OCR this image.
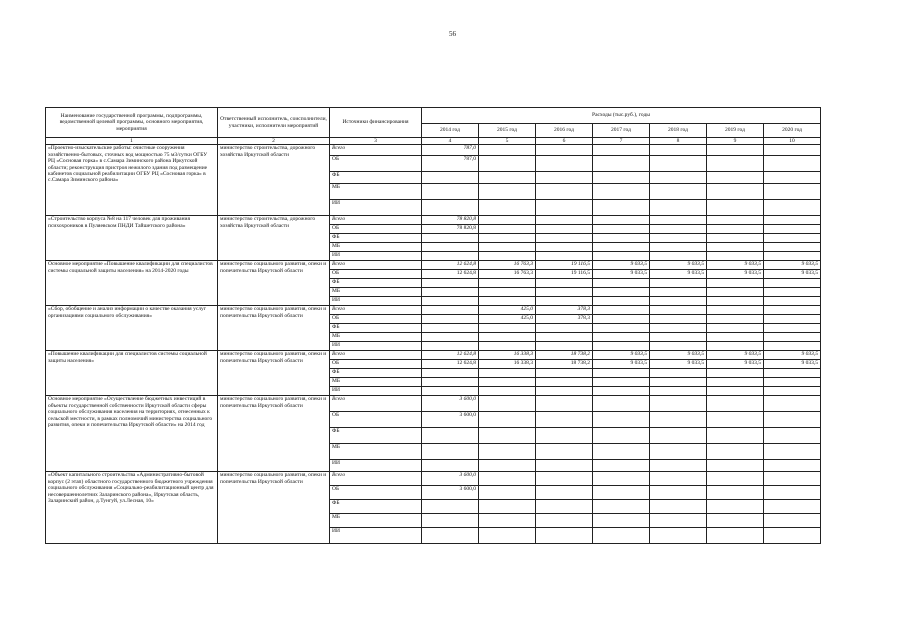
56
Наименование государственной программы, подпрограммы, ведомственной целевой программы, основного мероприятия, мероприятия	Ответственный исполнитель, соисполнители, участники, исполнители мероприятий	Источники финансирования	Расходы (тыс.руб.), годы						
			2014 год	2015 год	2016 год	2017 год	2018 год	2019 год	2020 год
1	2	3	4	5	6	7	8	9	10
«Проектно-изыскательские работы: очистные сооружения хозяйственно-бытовых, сточных вод мощностью 75 м3/сутки ОГБУ РЦ «Сосновая горка» в с.Самара Зиминского района Иркутской области; реконструкция пристроя нежилого здания под размещение кабинетов социальной реабилитации ОГБУ РЦ «Сосновая горка» в с.Самара Зиминского района»	министерство строительства, дорожного хозяйства Иркутской области	Всего	787,0						
		ОБ	787,0						
		ФБ							
		МБ							
		ИИ							
«Строительство корпуса №8 на 117 человек для проживания психохроников в Пуляевском ПНДИ Тайшетского района»	министерство строительства, дорожного хозяйства Иркутской области	Всего	78 820,8						
		ОБ	78 820,8						
		ФБ							
		МБ							
		ИИ							
Основное мероприятие «Повышение квалификации для специалистов системы социальной защиты населения» на 2014-2020 годы	министерство социального развития, опеки и попечительства Иркутской области	Всего	12 624,8	16 763,3	19 116,5	9 033,5	9 033,5	9 033,5	9 033,5
		ОБ	12 624,8	16 763,3	19 116,5	9 033,5	9 033,5	9 033,5	9 033,5
		ФБ							
		МБ							
		ИИ							
«Сбор, обобщение и анализ информации о качестве оказания услуг организациями социального обслуживания»	министерство социального развития, опеки и попечительства Иркутской области	Всего		425,0	378,3				
		ОБ		425,0	378,3				
		ФБ							
		МБ							
		ИИ							
«Повышение квалификации для специалистов системы социальной защиты населения»	министерство социального развития, опеки и попечительства Иркутской области	Всего	12 624,8	16 338,3	18 738,2	9 033,5	9 033,5	9 033,5	9 033,5
		ОБ	12 624,8	16 338,3	18 738,2	9 033,5	9 033,5	9 033,5	9 033,5
		ФБ							
		МБ							
		ИИ							
Основное мероприятие «Осуществление бюджетных инвестиций в объекты государственной собственности Иркутской области сферы социального обслуживания населения на территориях, отнесенных к сельской местности, в рамках полномочий министерства социального развития, опеки и попечительства Иркутской области» на 2014 год	министерство социального развития, опеки и попечительства Иркутской области	Всего	3 600,0						
		ОБ	3 600,0						
		ФБ							
		МБ							
		ИИ							
«Объект капитального строительства «Административно-бытовой корпус (2 этап) областного государственного бюджетного учреждения социального обслуживания «Социально-реабилитационный центр для несовершеннолетних Заларинского района», Иркутская область, Заларинский район, д.Тунгуй, ул.Лесная, 10»	министерство социального развития, опеки и попечительства Иркутской области	Всего	3 600,0						
		ОБ	3 600,0						
		ФБ							
		МБ							
		ИИ							
